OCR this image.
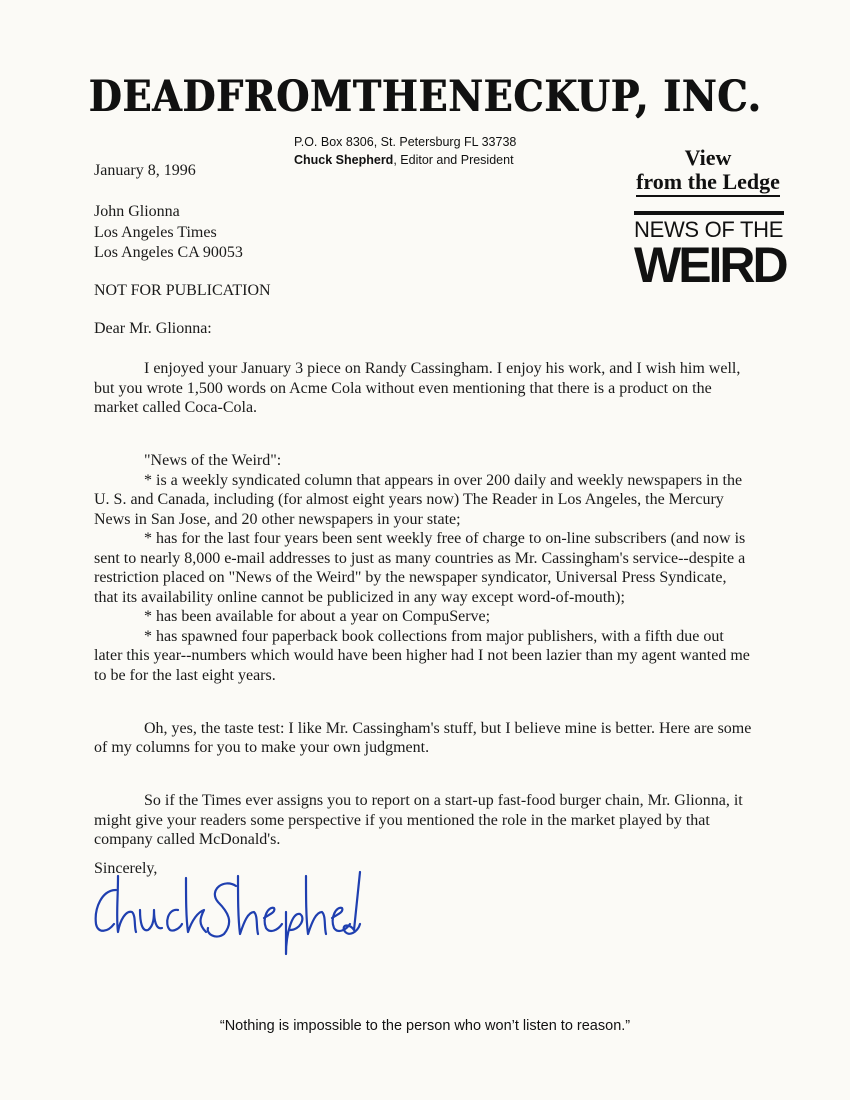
DEADFROMTHENECKUP, INC.
P.O. Box 8306, St. Petersburg FL 33738
Chuck Shepherd, Editor and President
January 8, 1996
View
from the Ledge
NEWS OF THE
WEIRD
John Glionna
Los Angeles Times
Los Angeles CA 90053
NOT FOR PUBLICATION
Dear Mr. Glionna:

I enjoyed your January 3 piece on Randy Cassingham. I enjoy his work, and I wish him well, but you wrote 1,500 words on Acme Cola without even mentioning that there is a product on the market called Coca-Cola.

"News of the Weird":

* is a weekly syndicated column that appears in over 200 daily and weekly newspapers in the U. S. and Canada, including (for almost eight years now) The Reader in Los Angeles, the Mercury News in San Jose, and 20 other newspapers in your state;

* has for the last four years been sent weekly free of charge to on-line subscribers (and now is sent to nearly 8,000 e-mail addresses to just as many countries as Mr. Cassingham's service--despite a restriction placed on "News of the Weird" by the newspaper syndicator, Universal Press Syndicate, that its availability online cannot be publicized in any way except word-of-mouth);

* has been available for about a year on CompuServe;

* has spawned four paperback book collections from major publishers, with a fifth due out later this year--numbers which would have been higher had I not been lazier than my agent wanted me to be for the last eight years.

Oh, yes, the taste test: I like Mr. Cassingham's stuff, but I believe mine is better. Here are some of my columns for you to make your own judgment.

So if the Times ever assigns you to report on a start-up fast-food burger chain, Mr. Glionna, it might give your readers some perspective if you mentioned the role in the market played by that company called McDonald's.

Sincerely,
“Nothing is impossible to the person who won’t listen to reason.”
